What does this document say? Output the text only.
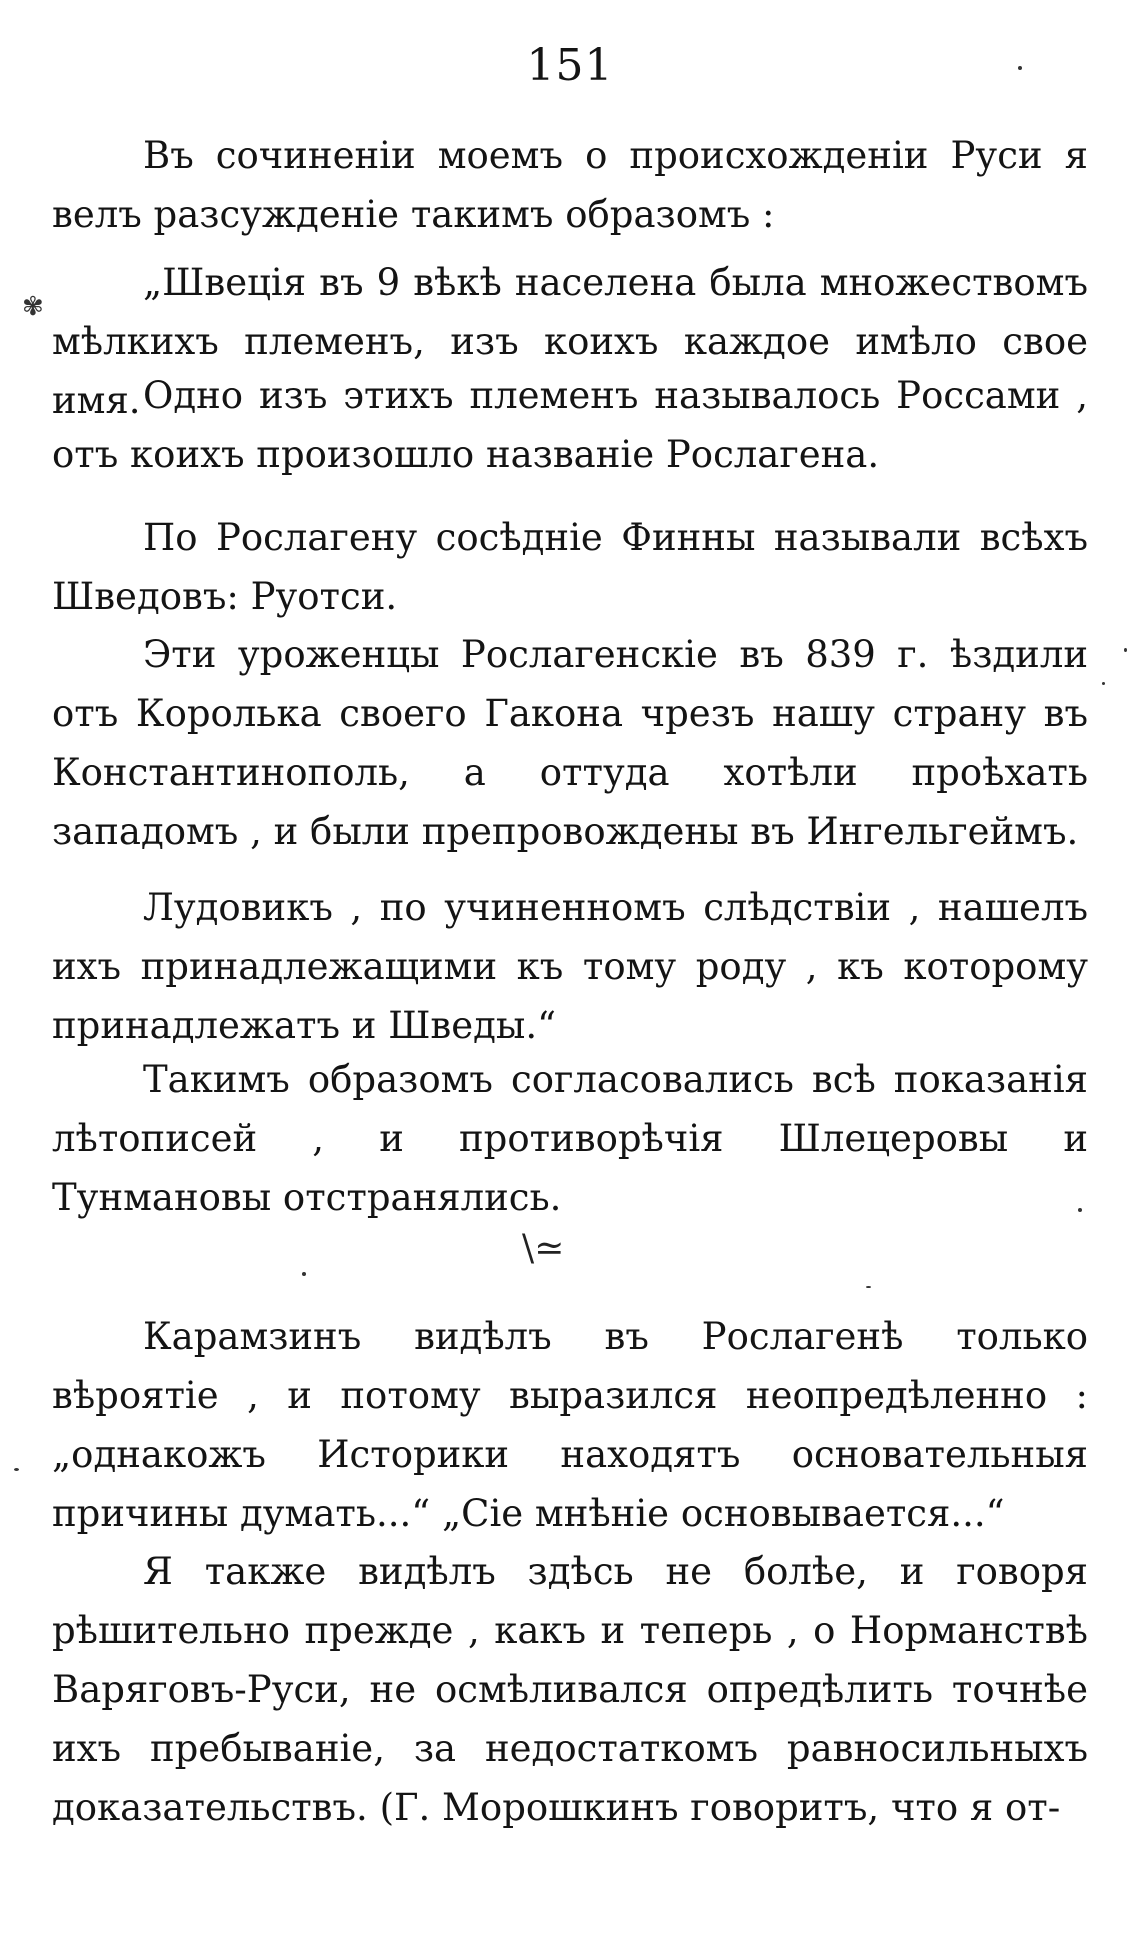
151
✾

Въ сочиненіи моемъ о происхожденіи Руси я велъ разсужденіе такимъ образомъ :

„Швеція въ 9 вѣкѣ населена была множествомъ мѣлкихъ племенъ, изъ коихъ каждое имѣло свое имя. Одно изъ этихъ племенъ называлось Россами , отъ коихъ произошло названіе Рослагена.

По Рослагену сосѣдніе Финны называли всѣхъ Шведовъ: Руотси.

Эти уроженцы Рослагенскіе въ 839 г. ѣздили отъ Королька своего Гакона чрезъ нашу страну въ Константинополь, а оттуда хотѣли проѣхать западомъ , и были препровождены въ Ингельгеймъ.

Лудовикъ , по учиненномъ слѣдствіи , нашелъ ихъ принадлежащими къ тому роду , къ которому принадлежатъ и Шведы.“

Такимъ образомъ согласовались всѣ показанія лѣтописей , и противорѣчія Шлецеровы и Тунмановы отстранялись.

\≃

Карамзинъ видѣлъ въ Рослагенѣ только вѣроятіе , и потому выразился неопредѣленно : „однакожъ Историки находятъ основательныя причины думать...“ „Сіе мнѣніе основывается...“

Я также видѣлъ здѣсь не болѣе, и говоря рѣшительно прежде , какъ и теперь , о Норманствѣ Варяговъ-Руси, не осмѣливался опредѣлить точнѣе ихъ пребываніе, за недостаткомъ равносильныхъ доказательствъ. (Г. Морошкинъ говоритъ, что я от-
